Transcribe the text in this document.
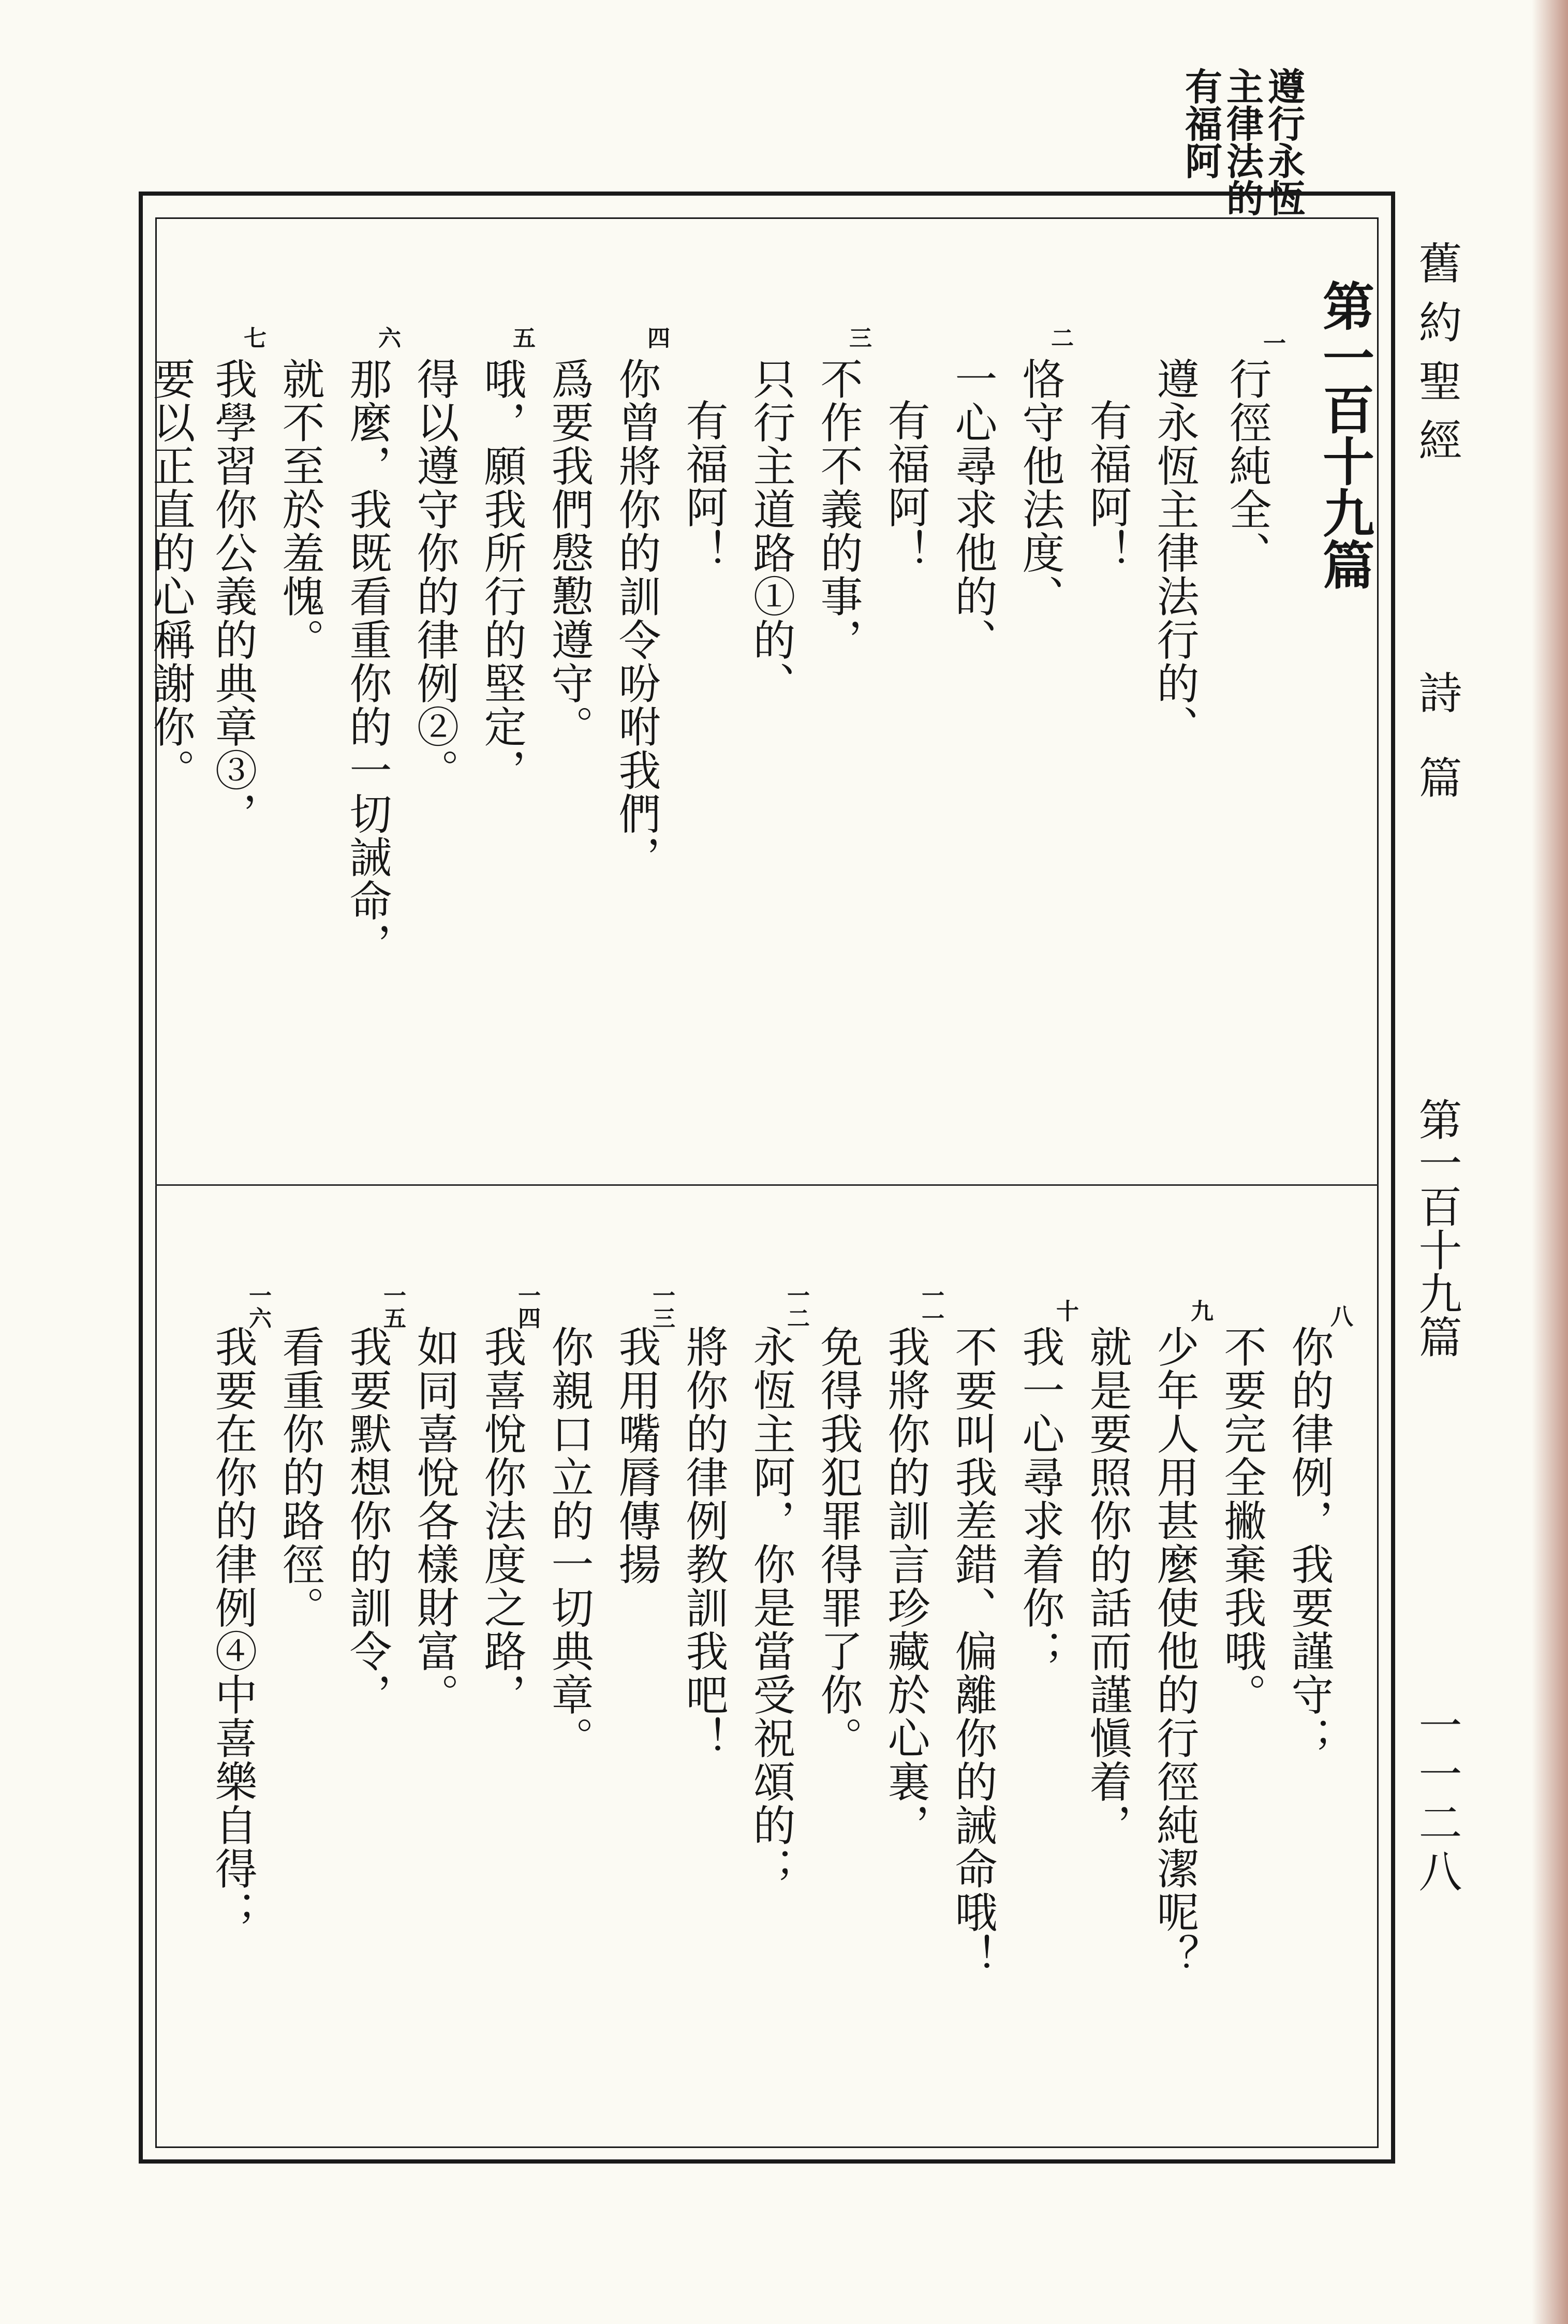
遵行永恆
主律法的
有福阿
舊約聖經
詩篇
第一百十九篇
一一二八
第一百十九篇
行徑純全、
一
遵永恆主律法行的、
有福阿！
恪守他法度、
二
一心尋求他的、
有福阿！
不作不義的事，
三
只行主道路①的、
有福阿！
你曾將你的訓令吩咐我們，
四
爲要我們慇懃遵守。
哦，願我所行的堅定，
五
得以遵守你的律例②。
那麼，我既看重你的一切誡命，
六
就不至於羞愧。
我學習你公義的典章③，
七
要以正直的心稱謝你。
你的律例，我要謹守；
八
不要完全撇棄我哦。
少年人用甚麼使他的行徑純潔呢？
九
就是要照你的話而謹愼着，
我一心尋求着你；
十
不要叫我差錯、偏離你的誡命哦！
我將你的訓言珍藏於心裏，
一一
免得我犯罪得罪了你。
永恆主阿，你是當受祝頌的；
一二
將你的律例教訓我吧！
我用嘴脣傳揚
一三
你親口立的一切典章。
我喜悅你法度之路，
一四
如同喜悅各樣財富。
我要默想你的訓令，
一五
看重你的路徑。
我要在你的律例④中喜樂自得；
一六
